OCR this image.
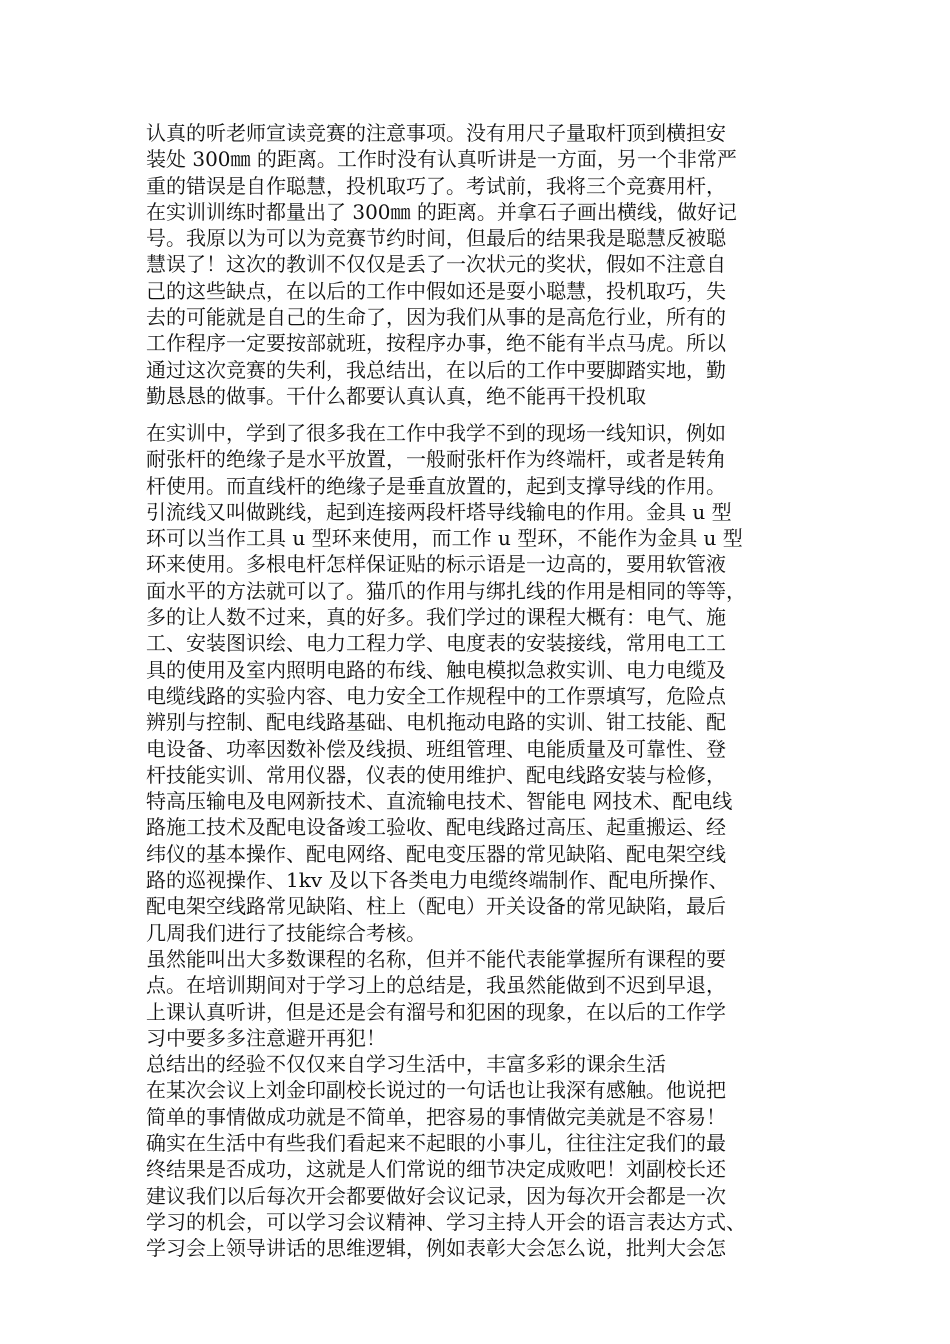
认真的听老师宣读竞赛的注意事项。没有用尺子量取杆顶到横担安
装处 300㎜ 的距离。工作时没有认真听讲是一方面，另一个非常严
重的错误是自作聪慧，投机取巧了。考试前，我将三个竞赛用杆，
在实训训练时都量出了 300㎜ 的距离。并拿石子画出横线，做好记
号。我原以为可以为竞赛节约时间，但最后的结果我是聪慧反被聪
慧误了！这次的教训不仅仅是丢了一次状元的奖状，假如不注意自
己的这些缺点，在以后的工作中假如还是耍小聪慧，投机取巧，失
去的可能就是自己的生命了，因为我们从事的是高危行业，所有的
工作程序一定要按部就班，按程序办事，绝不能有半点马虎。所以
通过这次竞赛的失利，我总结出，在以后的工作中要脚踏实地，勤
勤恳恳的做事。干什么都要认真认真，绝不能再干投机取
在实训中，学到了很多我在工作中我学不到的现场一线知识，例如
耐张杆的绝缘子是水平放置，一般耐张杆作为终端杆，或者是转角
杆使用。而直线杆的绝缘子是垂直放置的，起到支撑导线的作用。
引流线又叫做跳线，起到连接两段杆塔导线输电的作用。金具 u 型
环可以当作工具 u 型环来使用，而工作 u 型环，不能作为金具 u 型
环来使用。多根电杆怎样保证贴的标示语是一边高的，要用软管液
面水平的方法就可以了。猫爪的作用与绑扎线的作用是相同的等等，
多的让人数不过来，真的好多。我们学过的课程大概有：电气、施
工、安装图识绘、电力工程力学、电度表的安装接线，常用电工工
具的使用及室内照明电路的布线、触电模拟急救实训、电力电缆及
电缆线路的实验内容、电力安全工作规程中的工作票填写，危险点
辨别与控制、配电线路基础、电机拖动电路的实训、钳工技能、配
电设备、功率因数补偿及线损、班组管理、电能质量及可靠性、登
杆技能实训、常用仪器，仪表的使用维护、配电线路安装与检修，
特高压输电及电网新技术、直流输电技术、智能电 网技术、配电线
路施工技术及配电设备竣工验收、配电线路过高压、起重搬运、经
纬仪的基本操作、配电网络、配电变压器的常见缺陷、配电架空线
路的巡视操作、1kv 及以下各类电力电缆终端制作、配电所操作、
配电架空线路常见缺陷、柱上（配电）开关设备的常见缺陷，最后
几周我们进行了技能综合考核。
虽然能叫出大多数课程的名称，但并不能代表能掌握所有课程的要
点。在培训期间对于学习上的总结是，我虽然能做到不迟到早退，
上课认真听讲，但是还是会有溜号和犯困的现象，在以后的工作学
习中要多多注意避开再犯！
总结出的经验不仅仅来自学习生活中，丰富多彩的课余生活
在某次会议上刘金印副校长说过的一句话也让我深有感触。他说把
简单的事情做成功就是不简单，把容易的事情做完美就是不容易！
确实在生活中有些我们看起来不起眼的小事儿，往往注定我们的最
终结果是否成功，这就是人们常说的细节决定成败吧！刘副校长还
建议我们以后每次开会都要做好会议记录，因为每次开会都是一次
学习的机会，可以学习会议精神、学习主持人开会的语言表达方式、
学习会上领导讲话的思维逻辑，例如表彰大会怎么说，批判大会怎
